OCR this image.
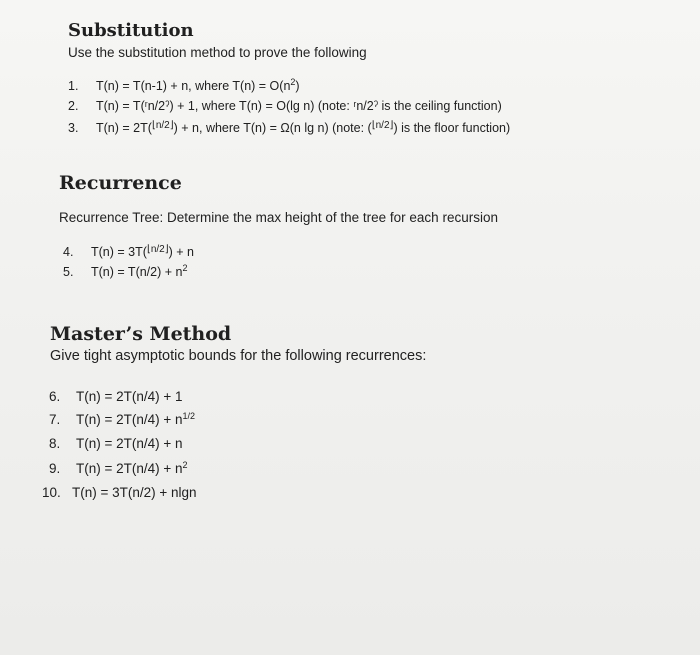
Substitution
Use the substitution method to prove the following
1. T(n) = T(n-1) + n, where $T(n) = O(n^2)$
2. T(n) = T(ʳn/2ˀ) + 1, where T(n) = O(lg n) (note: ʳn/2ˀ is the ceiling function)
3. T(n) = 2T($^{⌊n/2⌋}$) + n, where T(n) = Ω(n lg n) (note: ($^{⌊n/2⌋}$) is the floor function)
Recurrence
Recurrence Tree: Determine the max height of the tree for each recursion
4. T(n) = 3T($^{⌊n/2⌋}$) + n
5. $T(n) = T(n/2) + n^2$
Master’s Method
Give tight asymptotic bounds for the following recurrences:
6. T(n) = 2T(n/4) + 1
7. $T(n) = 2T(n/4) + n^{1/2}$
8. T(n) = 2T(n/4) + n
9. $T(n) = 2T(n/4) + n^2$
10. T(n) = 3T(n/2) + nlgn
